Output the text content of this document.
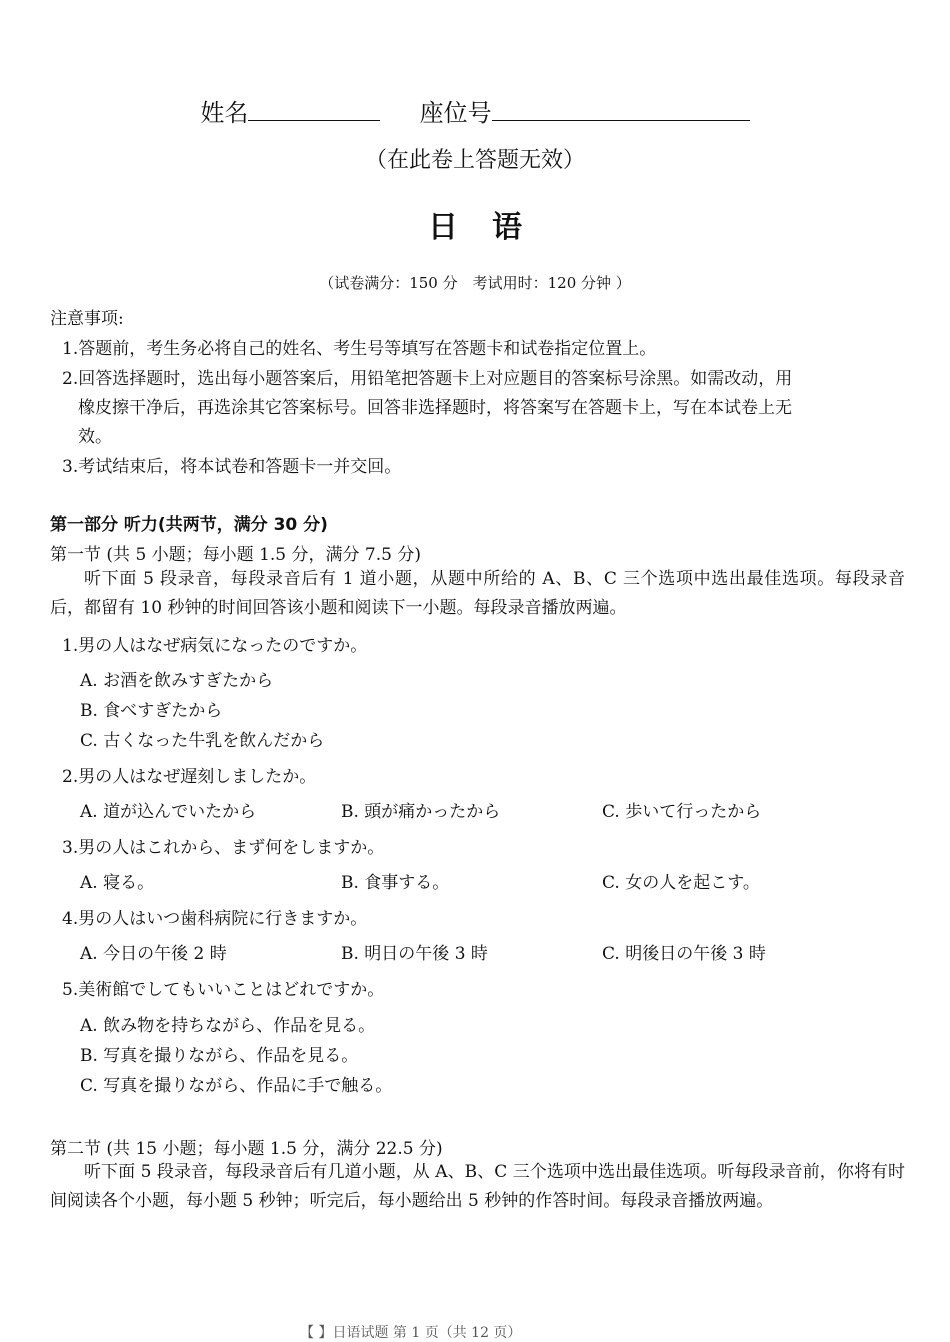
姓名	座位号
（在此卷上答题无效）
日语
（试卷满分：150 分　考试用时：120 分钟 ）
注意事项:
1.答题前，考生务必将自己的姓名、考生号等填写在答题卡和试卷指定位置上。
2.回答选择题时，选出每小题答案后，用铅笔把答题卡上对应题目的答案标号涂黑。如需改动，用
橡皮擦干净后，再选涂其它答案标号。回答非选择题时，将答案写在答题卡上，写在本试卷上无
效。
3.考试结束后，将本试卷和答题卡一并交回。
第一部分 听力(共两节，满分 30 分)
第一节 (共 5 小题；每小题 1.5 分，满分 7.5 分)
听下面 5 段录音，每段录音后有 1 道小题，从题中所给的 A、B、C 三个选项中选出最佳选项。每段录音后，都留有 10 秒钟的时间回答该小题和阅读下一小题。每段录音播放两遍。
1.男の人はなぜ病気になったのですか。
A. お酒を飲みすぎたから
B. 食べすぎたから
C. 古くなった牛乳を飲んだから
2.男の人はなぜ遅刻しましたか。
A. 道が込んでいたから	B. 頭が痛かったから	C. 歩いて行ったから
3.男の人はこれから、まず何をしますか。
A. 寝る。	B. 食事する。	C. 女の人を起こす。
4.男の人はいつ歯科病院に行きますか。
A. 今日の午後 2 時	B. 明日の午後 3 時	C. 明後日の午後 3 時
5.美術館でしてもいいことはどれですか。
A. 飲み物を持ちながら、作品を見る。
B. 写真を撮りながら、作品を見る。
C. 写真を撮りながら、作品に手で触る。
第二节 (共 15 小题；每小题 1.5 分，满分 22.5 分)
听下面 5 段录音，每段录音后有几道小题，从 A、B、C 三个选项中选出最佳选项。听每段录音前，你将有时间阅读各个小题，每小题 5 秒钟；听完后，每小题给出 5 秒钟的作答时间。每段录音播放两遍。
【 】日语试题 第 1 页（共 12 页）
